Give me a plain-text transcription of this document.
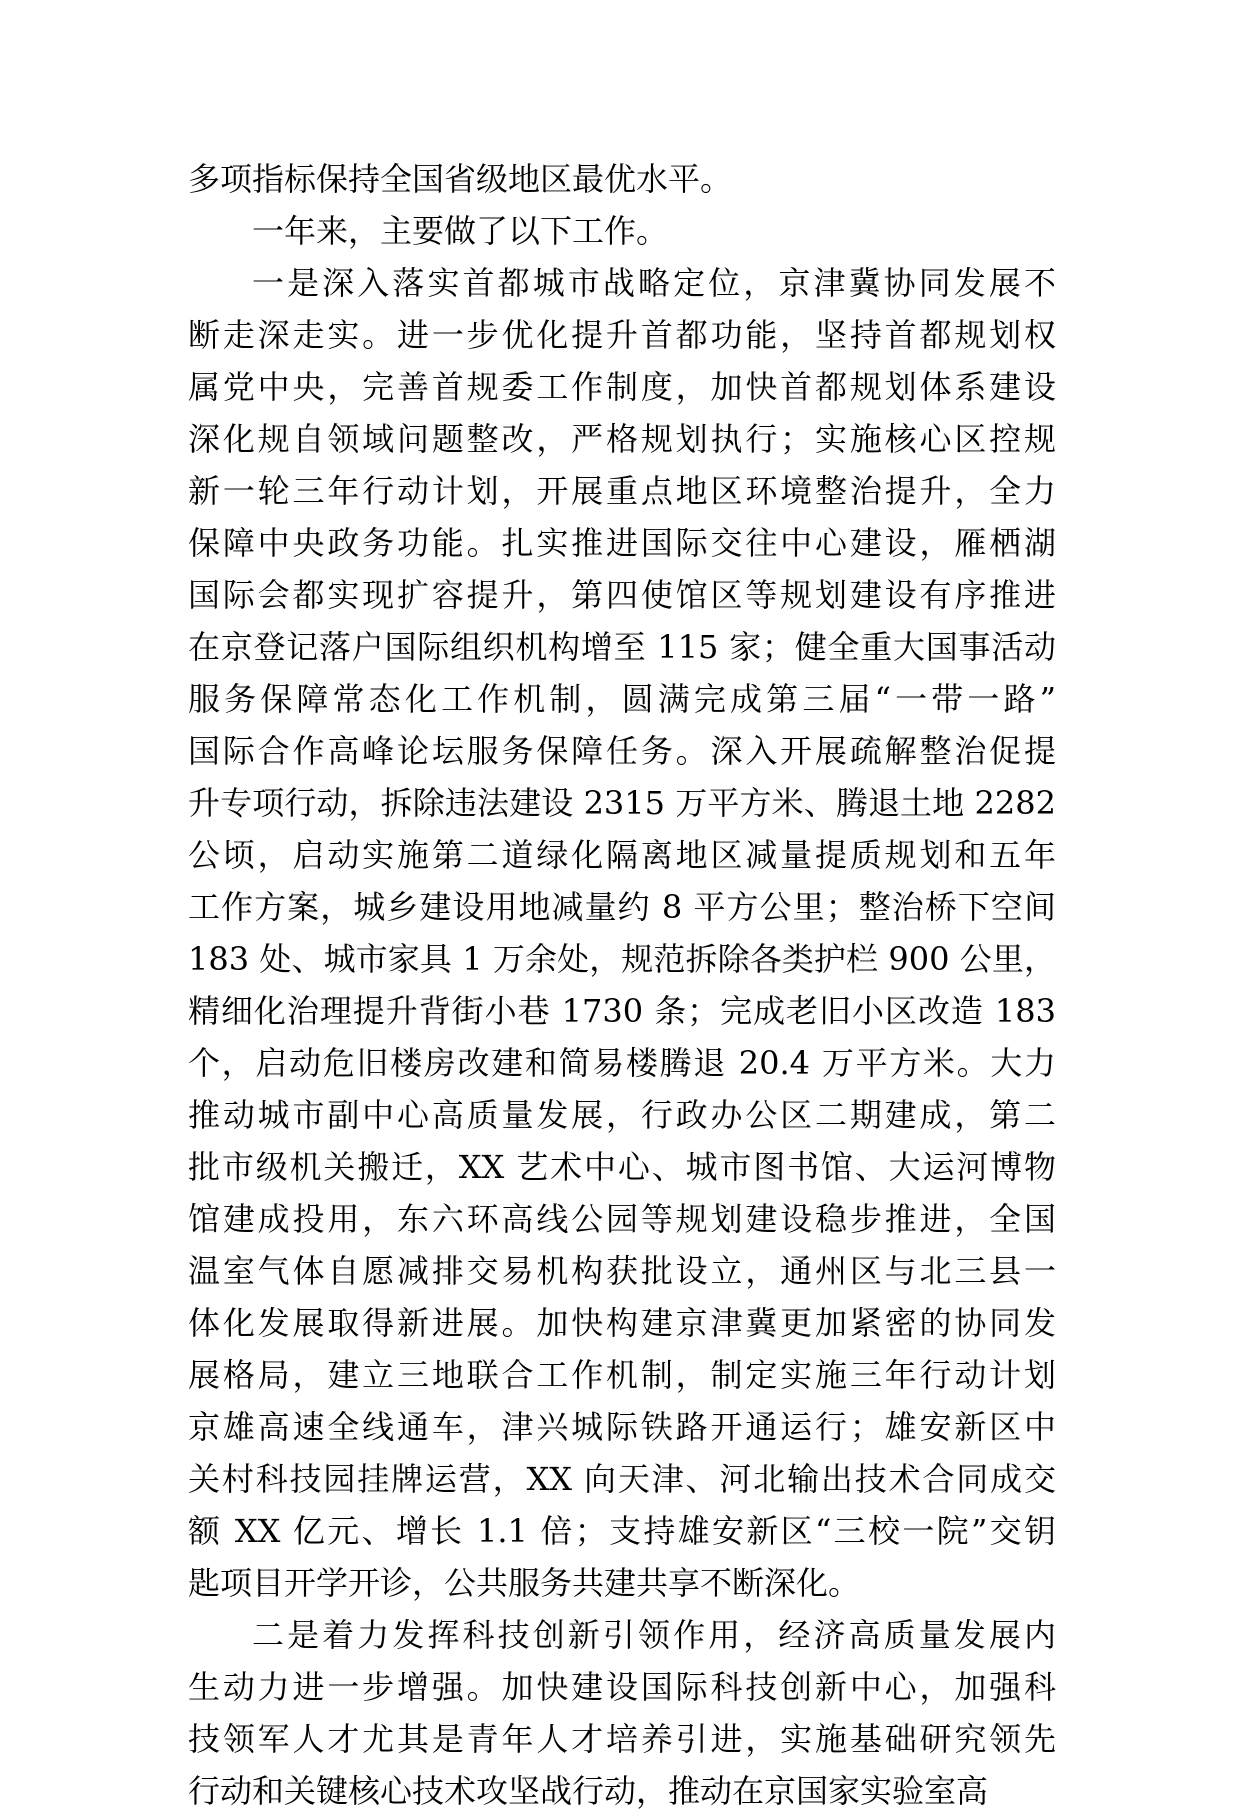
多项指标保持全国省级地区最优水平。
一年来，主要做了以下工作。
一是深入落实首都城市战略定位，京津冀协同发展不
断走深走实。进一步优化提升首都功能，坚持首都规划权
属党中央，完善首规委工作制度，加快首都规划体系建设
深化规自领域问题整改，严格规划执行；实施核心区控规
新一轮三年行动计划，开展重点地区环境整治提升，全力
保障中央政务功能。扎实推进国际交往中心建设，雁栖湖
国际会都实现扩容提升，第四使馆区等规划建设有序推进
在京登记落户国际组织机构增至 115 家；健全重大国事活动
服务保障常态化工作机制，圆满完成第三届“一带一路”
国际合作高峰论坛服务保障任务。深入开展疏解整治促提
升专项行动，拆除违法建设 2315 万平方米、腾退土地 2282
公顷，启动实施第二道绿化隔离地区减量提质规划和五年
工作方案，城乡建设用地减量约 8 平方公里；整治桥下空间
183 处、城市家具 1 万余处，规范拆除各类护栏 900 公里，
精细化治理提升背街小巷 1730 条；完成老旧小区改造 183
个，启动危旧楼房改建和简易楼腾退 20.4 万平方米。大力
推动城市副中心高质量发展，行政办公区二期建成，第二
批市级机关搬迁，XX 艺术中心、城市图书馆、大运河博物
馆建成投用，东六环高线公园等规划建设稳步推进，全国
温室气体自愿减排交易机构获批设立，通州区与北三县一
体化发展取得新进展。加快构建京津冀更加紧密的协同发
展格局，建立三地联合工作机制，制定实施三年行动计划
京雄高速全线通车，津兴城际铁路开通运行；雄安新区中
关村科技园挂牌运营，XX 向天津、河北输出技术合同成交
额 XX 亿元、增长 1.1 倍；支持雄安新区“三校一院”交钥
匙项目开学开诊，公共服务共建共享不断深化。
二是着力发挥科技创新引领作用，经济高质量发展内
生动力进一步增强。加快建设国际科技创新中心，加强科
技领军人才尤其是青年人才培养引进，实施基础研究领先
行动和关键核心技术攻坚战行动，推动在京国家实验室高
